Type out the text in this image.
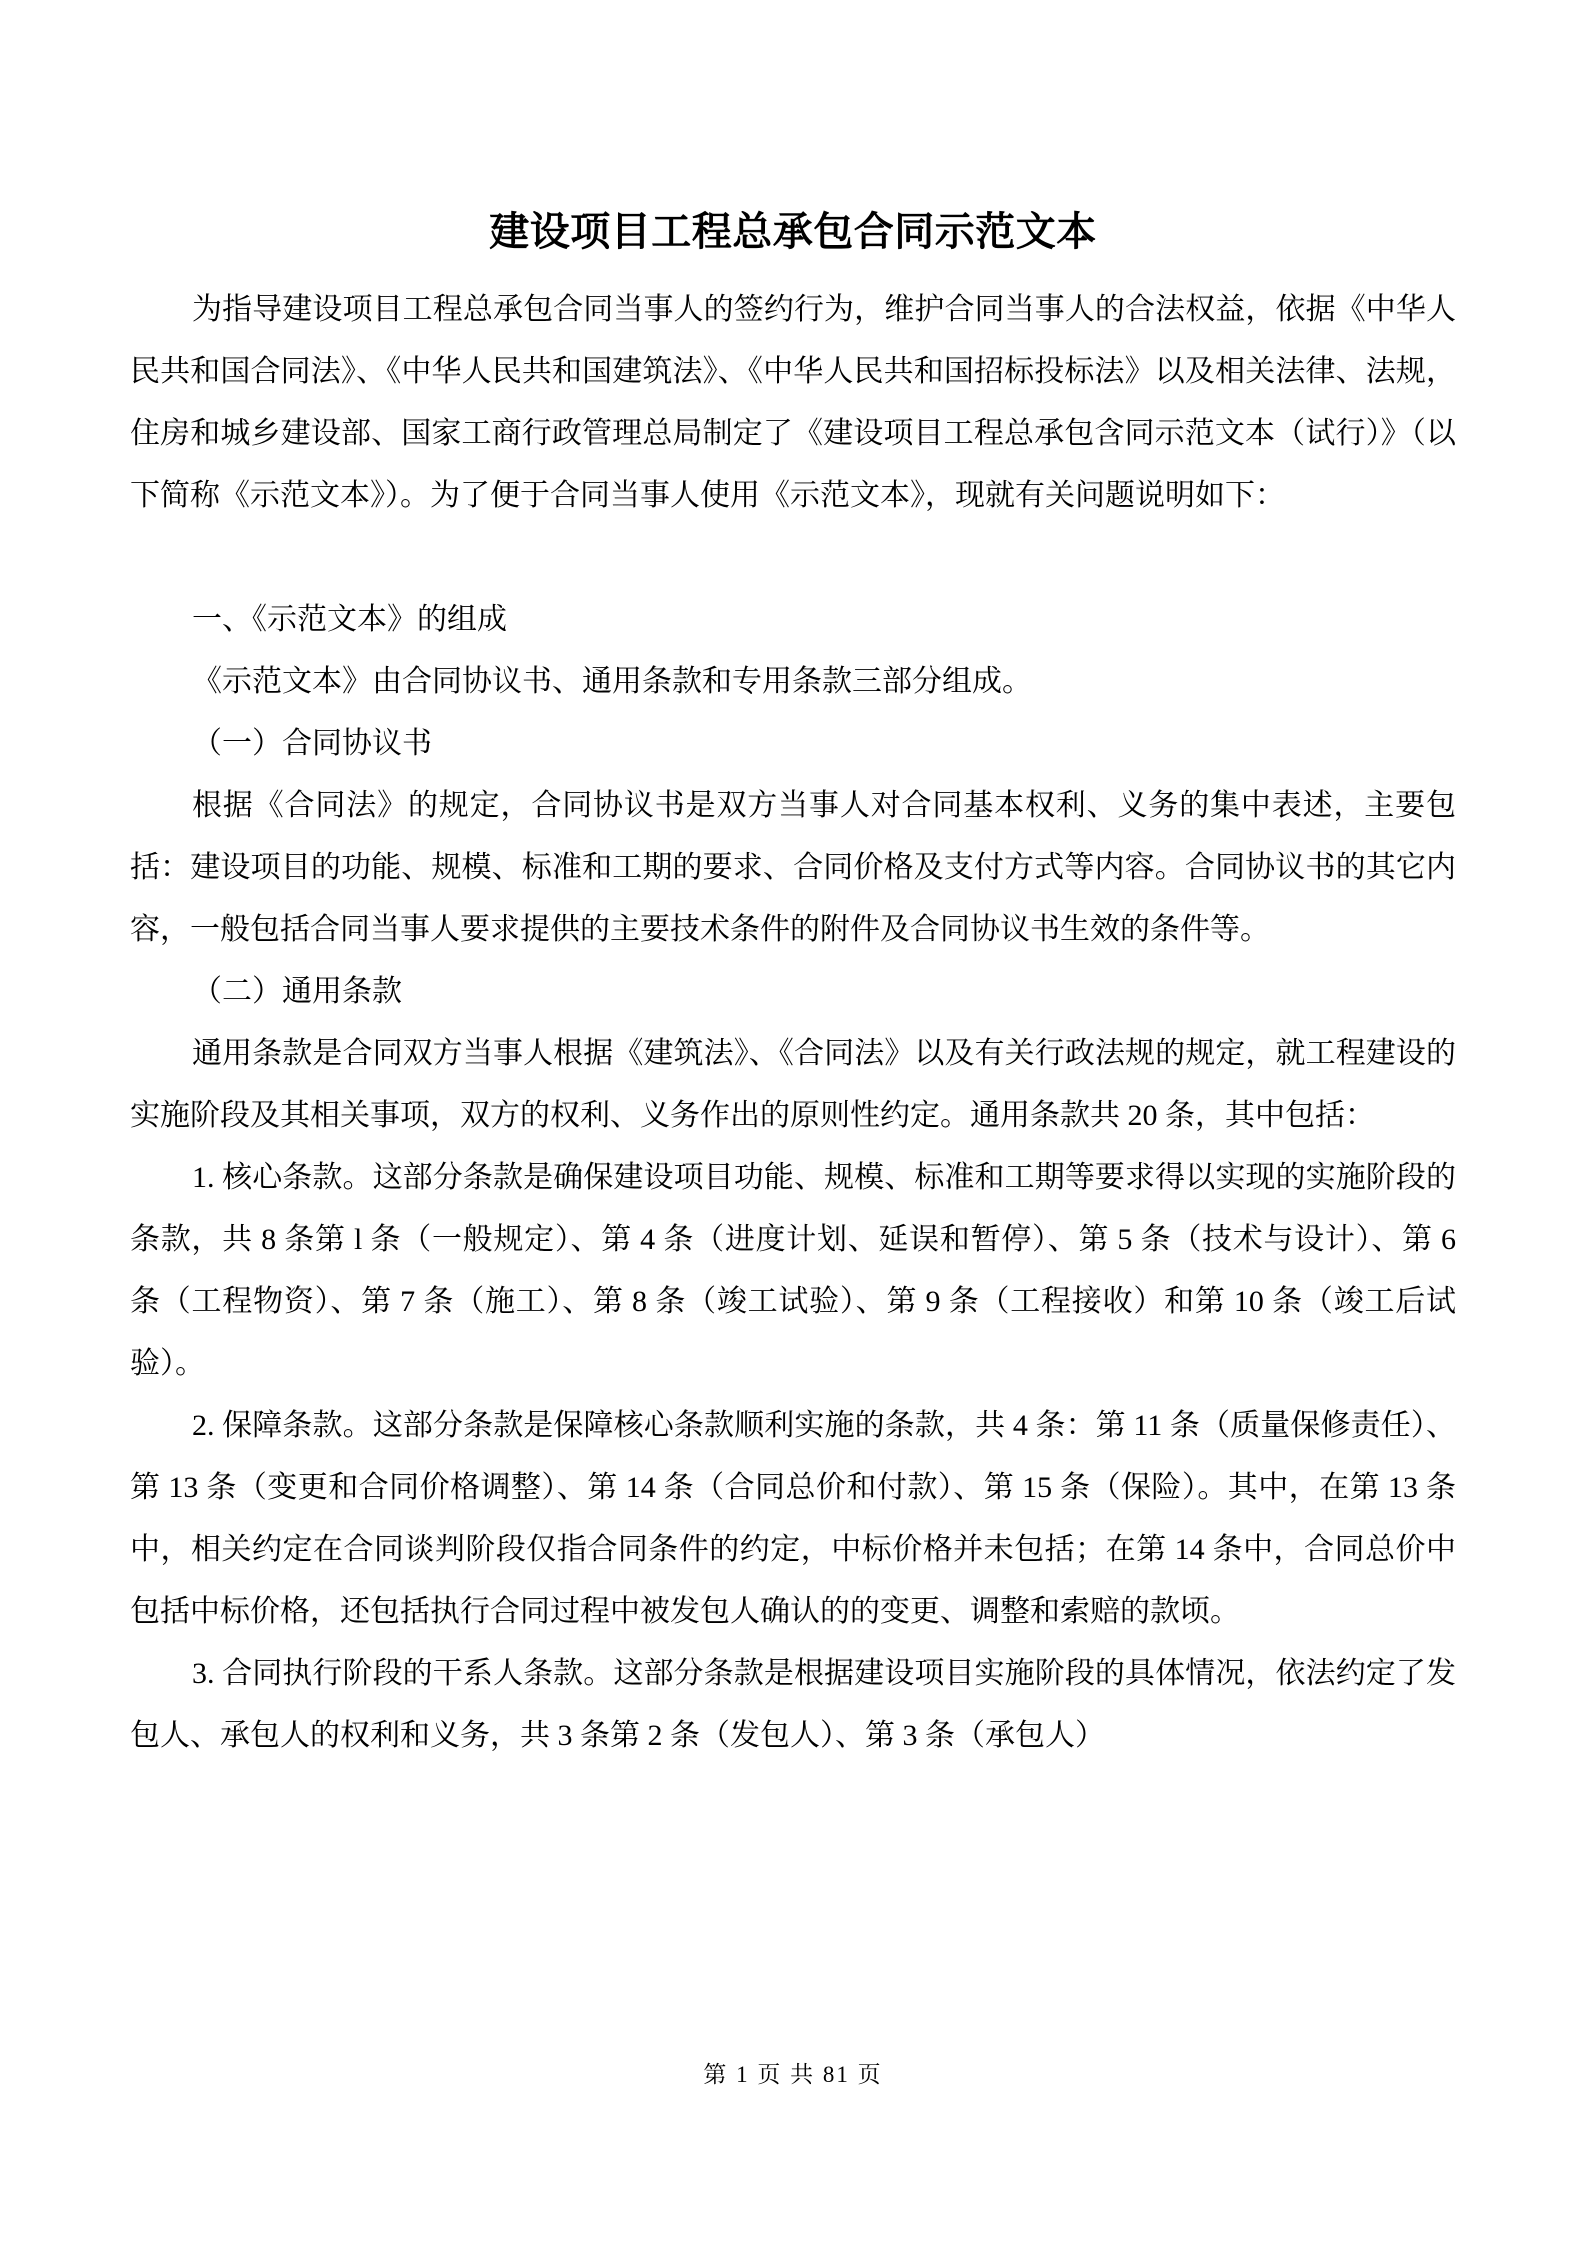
建设项目工程总承包合同示范文本

为指导建设项目工程总承包合同当事人的签约行为，维护合同当事人的合法权益，依据《中华人民共和国合同法》、《中华人民共和国建筑法》、《中华人民共和国招标投标法》以及相关法律、法规，住房和城乡建设部、国家工商行政管理总局制定了《建设项目工程总承包含同示范文本（试行）》（以下简称《示范文本》）。为了便于合同当事人使用《示范文本》，现就有关问题说明如下：

一、《示范文本》的组成

《示范文本》由合同协议书、通用条款和专用条款三部分组成。

（一）合同协议书

根据《合同法》的规定，合同协议书是双方当事人对合同基本权利、义务的集中表述，主要包括：建设项目的功能、规模、标准和工期的要求、合同价格及支付方式等内容。合同协议书的其它内容，一般包括合同当事人要求提供的主要技术条件的附件及合同协议书生效的条件等。

（二）通用条款

通用条款是合同双方当事人根据《建筑法》、《合同法》以及有关行政法规的规定，就工程建设的实施阶段及其相关事项，双方的权利、义务作出的原则性约定。通用条款共 20 条，其中包括：

1. 核心条款。这部分条款是确保建设项目功能、规模、标准和工期等要求得以实现的实施阶段的条款，共 8 条第 l 条（一般规定）、第 4 条（进度计划、延误和暂停）、第 5 条（技术与设计）、第 6 条（工程物资）、第 7 条（施工）、第 8 条（竣工试验）、第 9 条（工程接收）和第 10 条（竣工后试验）。

2. 保障条款。这部分条款是保障核心条款顺利实施的条款，共 4 条：第 11 条（质量保修责任）、第 13 条（变更和合同价格调整）、第 14 条（合同总价和付款）、第 15 条（保险）。其中，在第 13 条中，相关约定在合同谈判阶段仅指合同条件的约定，中标价格并未包括；在第 14 条中，合同总价中包括中标价格，还包括执行合同过程中被发包人确认的的变更、调整和索赔的款顷。

3. 合同执行阶段的干系人条款。这部分条款是根据建设项目实施阶段的具体情况，依法约定了发包人、承包人的权利和义务，共 3 条第 2 条（发包人）、第 3 条（承包人）

第 1 页 共 81 页
